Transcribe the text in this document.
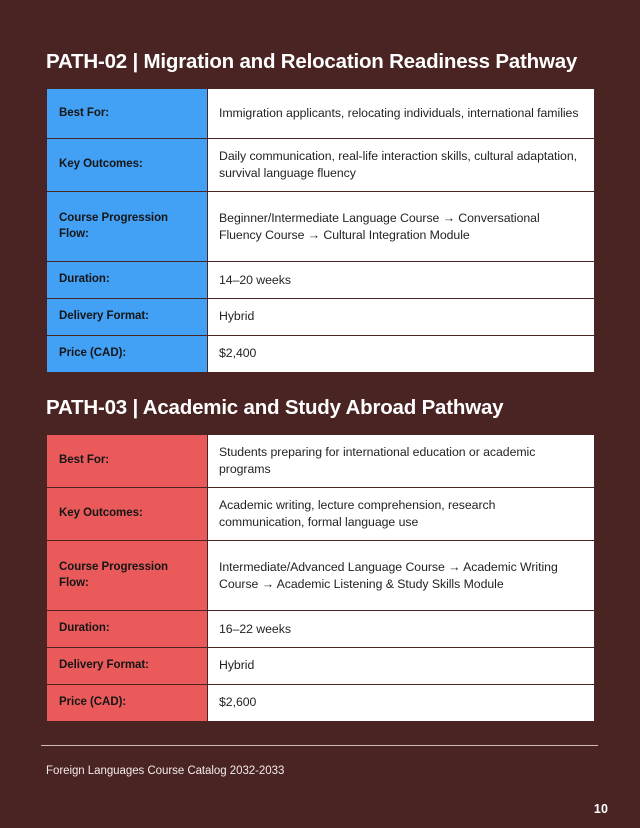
PATH-02 | Migration and Relocation Readiness Pathway
Best For:	Immigration applicants, relocating individuals, international families
Key Outcomes:	Daily communication, real-life interaction skills, cultural adaptation, survival language fluency
Course Progression Flow:	Beginner/Intermediate Language Course → Conversational Fluency Course → Cultural Integration Module
Duration:	14–20 weeks
Delivery Format:	Hybrid
Price (CAD):	$2,400
PATH-03 | Academic and Study Abroad Pathway
Best For:	Students preparing for international education or academic programs
Key Outcomes:	Academic writing, lecture comprehension, research communication, formal language use
Course Progression Flow:	Intermediate/Advanced Language Course → Academic Writing Course → Academic Listening & Study Skills Module
Duration:	16–22 weeks
Delivery Format:	Hybrid
Price (CAD):	$2,600
Foreign Languages Course Catalog 2032-2033
10
